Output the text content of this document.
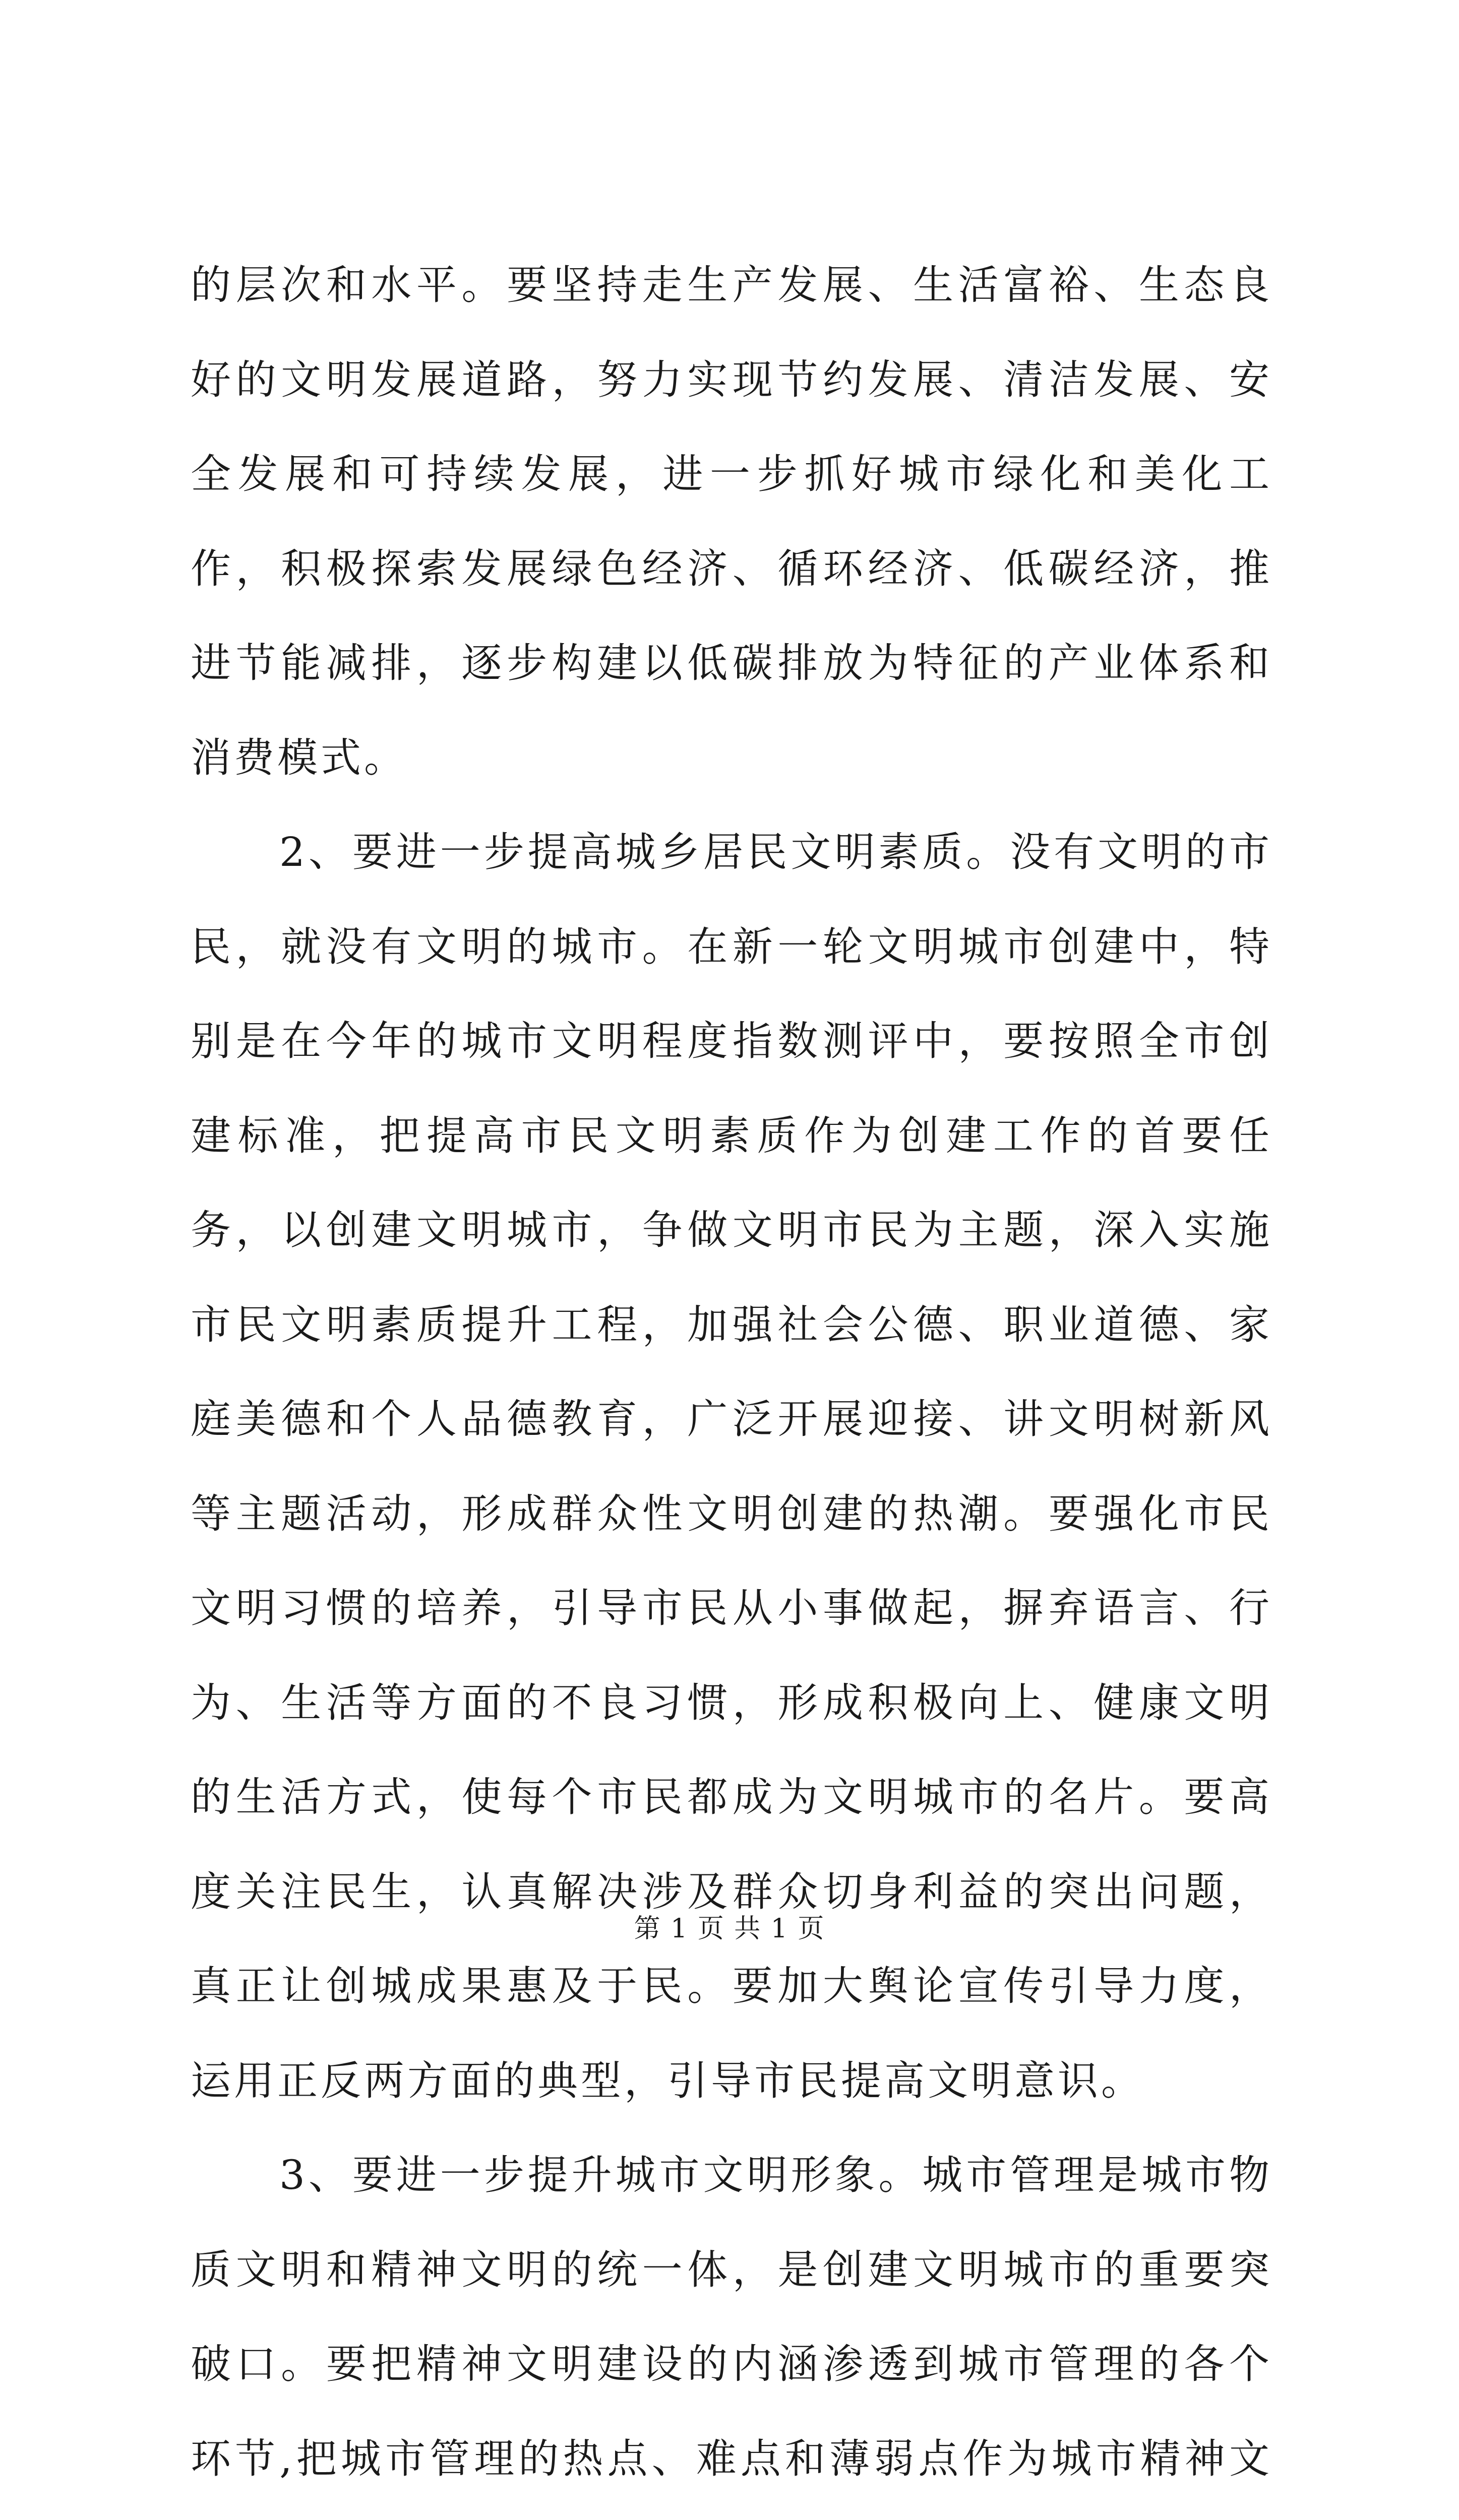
的层次和水平。要坚持走生产发展、生活富裕、生态良好的文明发展道路，努力实现节约发展、清洁发展、安全发展和可持续发展，进一步抓好城市绿化和美化工作，积极探索发展绿色经济、循环经济、低碳经济，推进节能减排，逐步构建以低碳排放为特征的产业体系和消费模式。

2、要进一步提高城乡居民文明素质。没有文明的市民，就没有文明的城市。在新一轮文明城市创建中，特别是在今年的城市文明程度指数测评中，要按照全市创建标准，把提高市民文明素质作为创建工作的首要任务，以创建文明城市，争做文明市民为主题，深入实施市民文明素质提升工程，加强社会公德、职业道德、家庭美德和个人品德教育，广泛开展迎接、讲文明树新风等主题活动，形成群众性文明创建的热潮。要强化市民文明习惯的培养，引导市民从小事做起，摒弃语言、行为、生活等方面的不良习惯，形成积极向上、健康文明的生活方式，使每个市民都成为文明城市的名片。要高度关注民生，认真解决涉及群众切身利益的突出问题，真正让创城成果惠及于民。要加大舆论宣传引导力度，运用正反两方面的典型，引导市民提高文明意识。

3、要进一步提升城市文明形象。城市管理是城市物质文明和精神文明的统一体，是创建文明城市的重要突破口。要把精神文明建设的内涵渗透到城市管理的各个环节,把城市管理的热点、难点和薄弱点作为城市精神文

第 1 页 共 1 页
